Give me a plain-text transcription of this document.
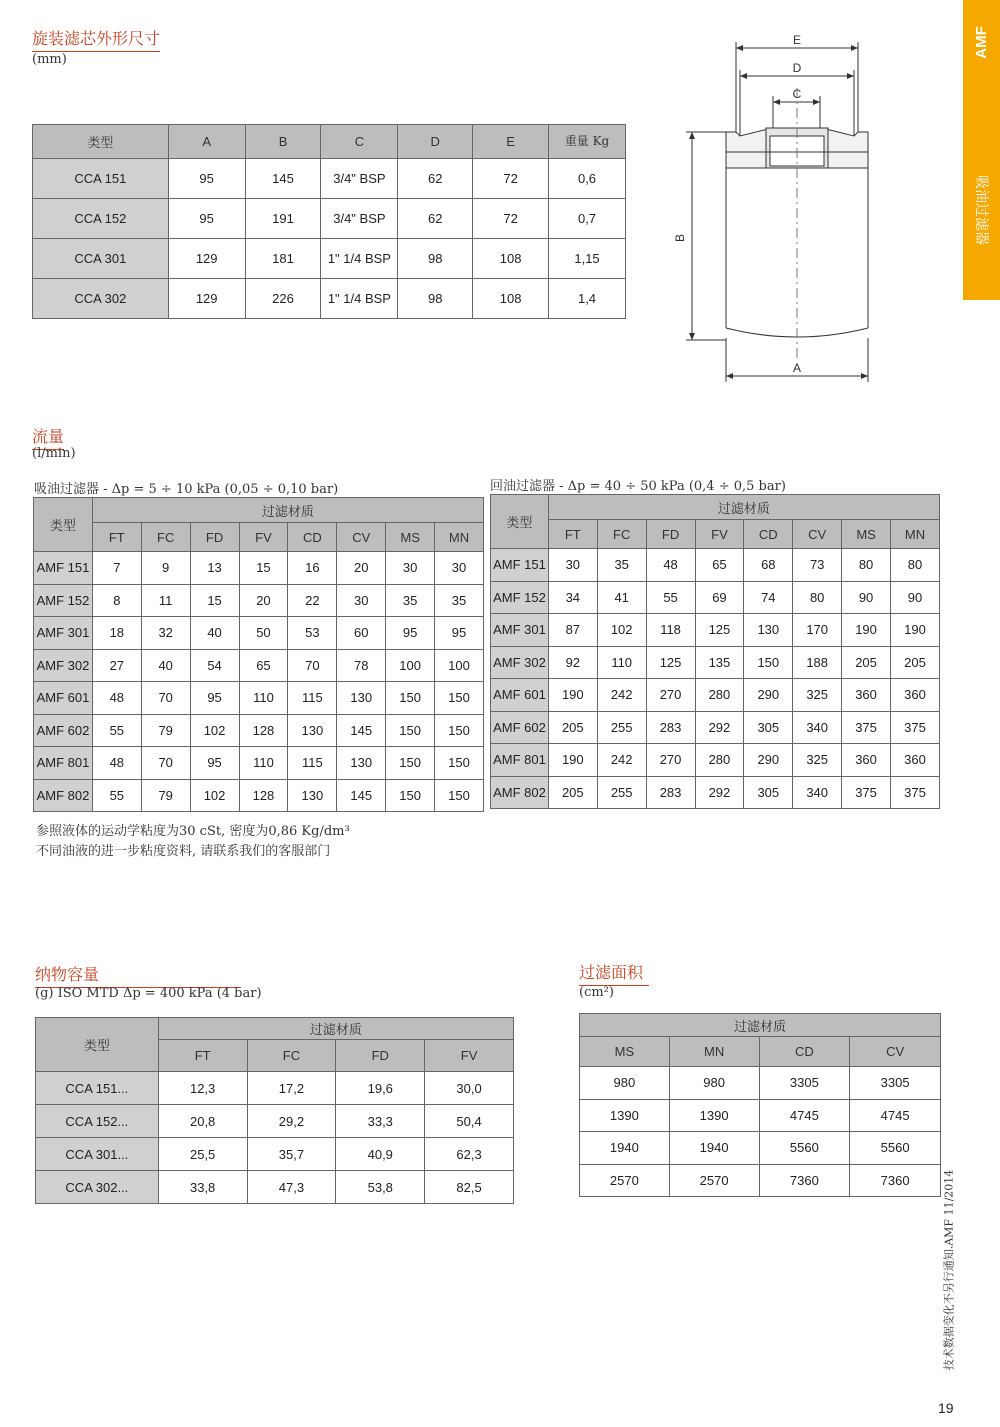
AMF
吸油过滤器
旋装滤芯外形尺寸
(mm)
类型	A	B	C	D	E	重量 Kg
CCA 151	95	145	3/4" BSP	62	72	0,6
CCA 152	95	191	3/4" BSP	62	72	0,7
CCA 301	129	181	1" 1/4 BSP	98	108	1,15
CCA 302	129	226	1" 1/4 BSP	98	108	1,4
E
D
C
B
A
流量
(l/min)
吸油过滤器 - Δp = 5 ÷ 10 kPa (0,05 ÷ 0,10 bar)	回油过滤器 - Δp = 40 ÷ 50 kPa (0,4 ÷ 0,5 bar)
类型	过滤材质							
	FT	FC	FD	FV	CD	CV	MS	MN
AMF 151	7	9	13	15	16	20	30	30
AMF 152	8	11	15	20	22	30	35	35
AMF 301	18	32	40	50	53	60	95	95
AMF 302	27	40	54	65	70	78	100	100
AMF 601	48	70	95	110	115	130	150	150
AMF 602	55	79	102	128	130	145	150	150
AMF 801	48	70	95	110	115	130	150	150
AMF 802	55	79	102	128	130	145	150	150
类型	过滤材质							
	FT	FC	FD	FV	CD	CV	MS	MN
AMF 151	30	35	48	65	68	73	80	80
AMF 152	34	41	55	69	74	80	90	90
AMF 301	87	102	118	125	130	170	190	190
AMF 302	92	110	125	135	150	188	205	205
AMF 601	190	242	270	280	290	325	360	360
AMF 602	205	255	283	292	305	340	375	375
AMF 801	190	242	270	280	290	325	360	360
AMF 802	205	255	283	292	305	340	375	375
参照液体的运动学粘度为30 cSt, 密度为0,86 Kg/dm³
不同油液的进一步粘度资料, 请联系我们的客服部门
纳物容量
(g) ISO MTD Δp = 400 kPa (4 bar)
类型	过滤材质			
	FT	FC	FD	FV
CCA 151...	12,3	17,2	19,6	30,0
CCA 152...	20,8	29,2	33,3	50,4
CCA 301...	25,5	35,7	40,9	62,3
CCA 302...	33,8	47,3	53,8	82,5
过滤面积
(cm²)
过滤材质			
MS	MN	CD	CV
980	980	3305	3305
1390	1390	4745	4745
1940	1940	5560	5560
2570	2570	7360	7360	技术数据变化不另行通知.AMF 11/2014
19
